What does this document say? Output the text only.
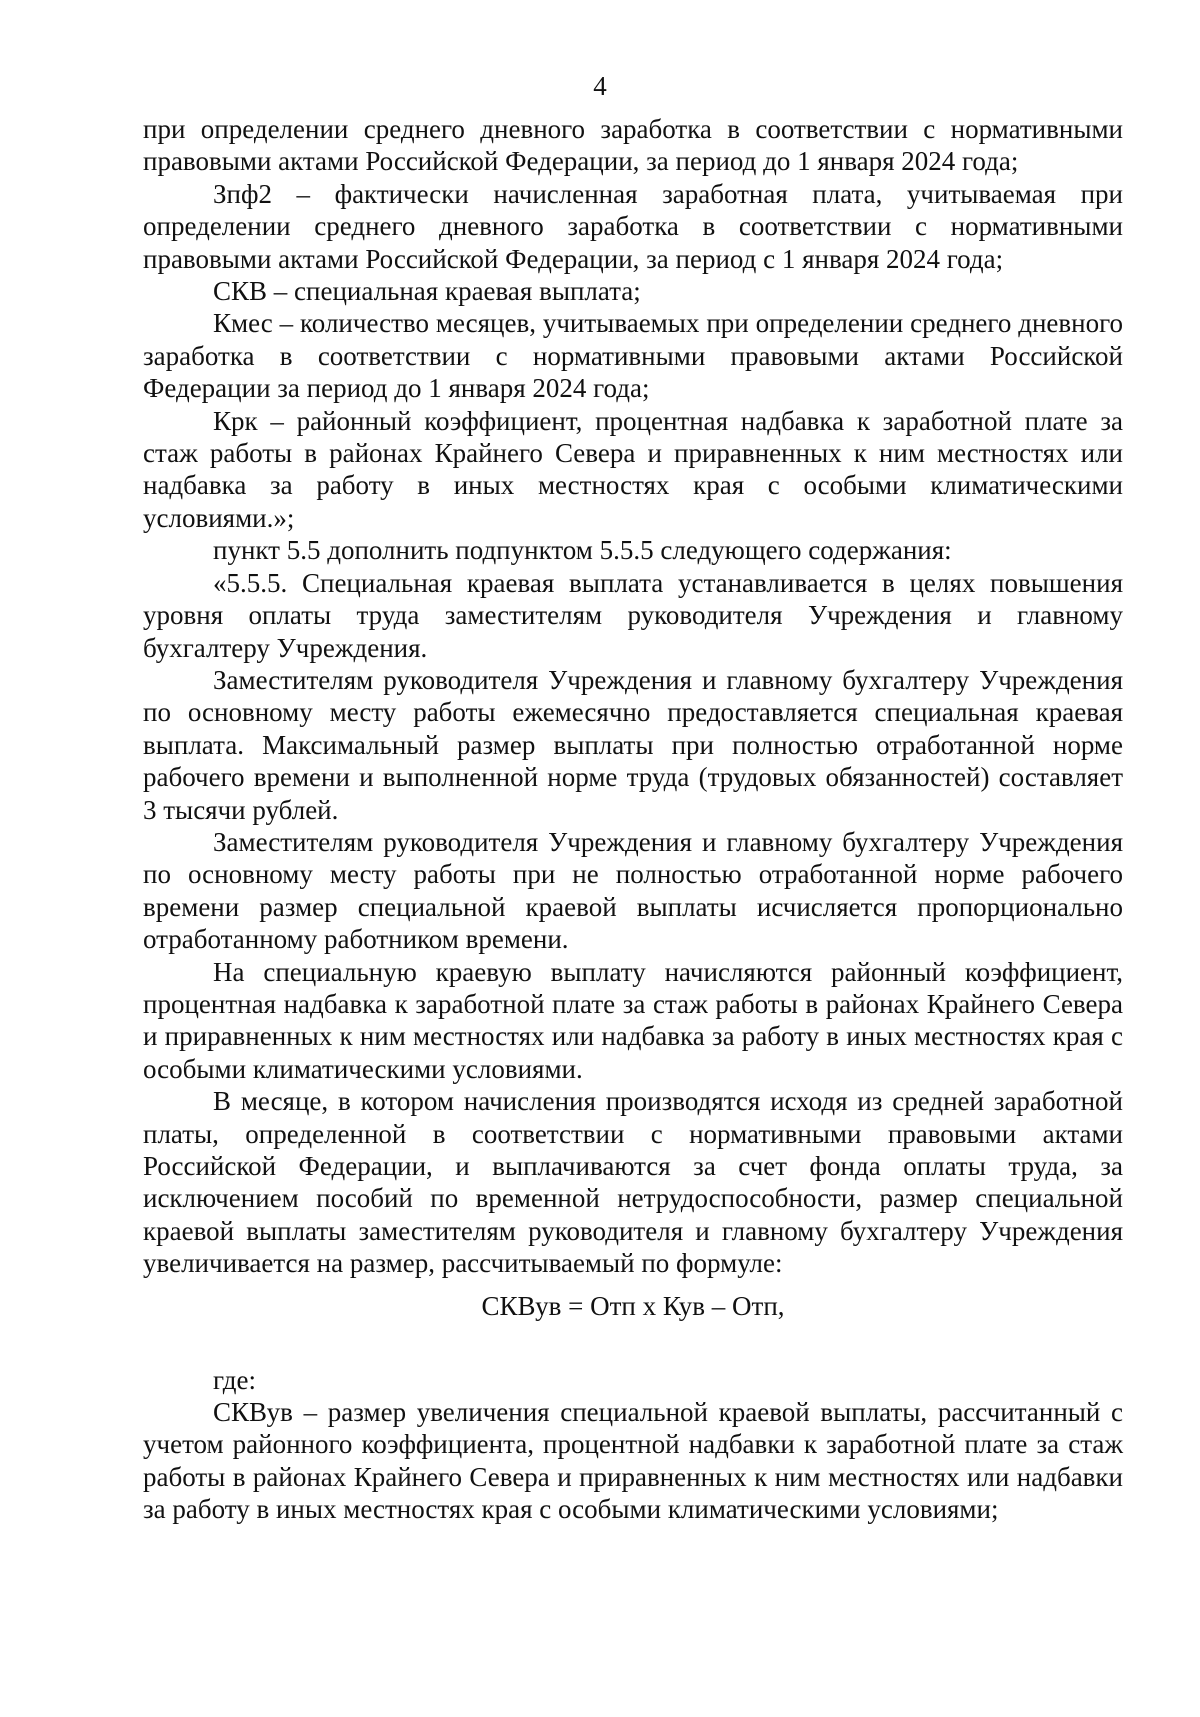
4

при определении среднего дневного заработка в соответствии с нормативными правовыми актами Российской Федерации, за период до 1 января 2024 года;

Зпф2 – фактически начисленная заработная плата, учитываемая при определении среднего дневного заработка в соответствии с нормативными правовыми актами Российской Федерации, за период с 1 января 2024 года;

СКВ – специальная краевая выплата;

Кмес – количество месяцев, учитываемых при определении среднего дневного заработка в соответствии с нормативными правовыми актами Российской Федерации за период до 1 января 2024 года;

Крк – районный коэффициент, процентная надбавка к заработной плате за стаж работы в районах Крайнего Севера и приравненных к ним местностях или надбавка за работу в иных местностях края с особыми климатическими условиями.»;

пункт 5.5 дополнить подпунктом 5.5.5 следующего содержания:

«5.5.5. Специальная краевая выплата устанавливается в целях повышения уровня оплаты труда заместителям руководителя Учреждения и главному бухгалтеру Учреждения.

Заместителям руководителя Учреждения и главному бухгалтеру Учреждения по основному месту работы ежемесячно предоставляется специальная краевая выплата. Максимальный размер выплаты при полностью отработанной норме рабочего времени и выполненной норме труда (трудовых обязанностей) составляет 3 тысячи рублей.

Заместителям руководителя Учреждения и главному бухгалтеру Учреждения по основному месту работы при не полностью отработанной норме рабочего времени размер специальной краевой выплаты исчисляется пропорционально отработанному работником времени.

На специальную краевую выплату начисляются районный коэффициент, процентная надбавка к заработной плате за стаж работы в районах Крайнего Севера и приравненных к ним местностях или надбавка за работу в иных местностях края с особыми климатическими условиями.

В месяце, в котором начисления производятся исходя из средней заработной платы, определенной в соответствии с нормативными правовыми актами Российской Федерации, и выплачиваются за счет фонда оплаты труда, за исключением пособий по временной нетрудоспособности, размер специальной краевой выплаты заместителям руководителя и главному бухгалтеру Учреждения увеличивается на размер, рассчитываемый по формуле:

СКВув = Отп х Кув – Отп,

где:

СКВув – размер увеличения специальной краевой выплаты, рассчитанный с учетом районного коэффициента, процентной надбавки к заработной плате за стаж работы в районах Крайнего Севера и приравненных к ним местностях или надбавки за работу в иных местностях края с особыми климатическими условиями;
